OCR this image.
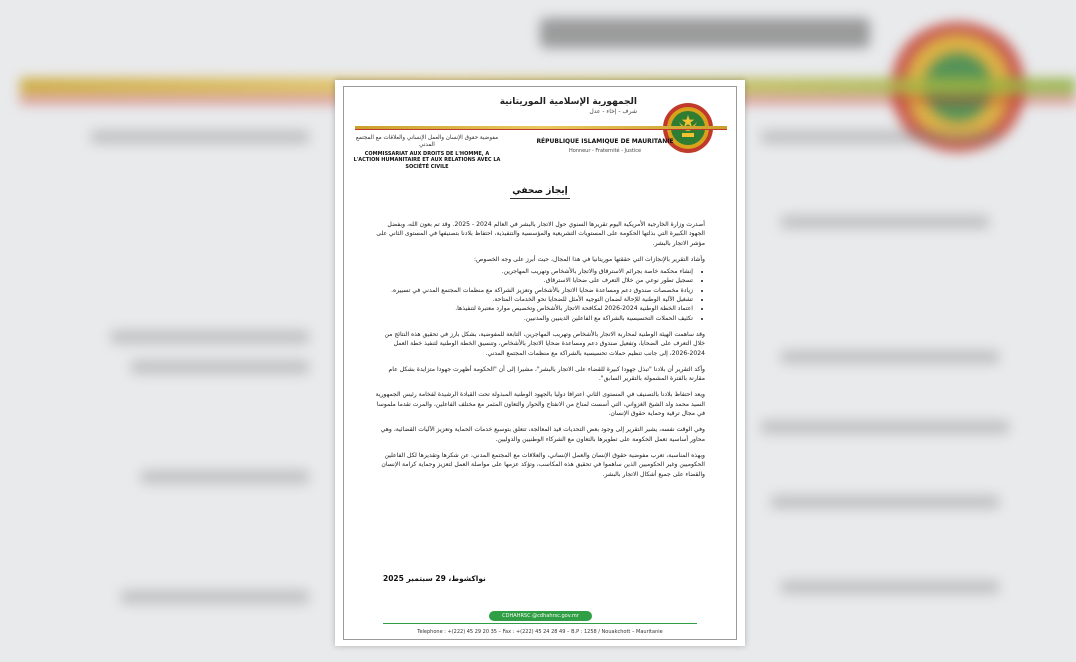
الجمهورية الإسلامية الموريتانية
شرف - إخاء - عدل
مفوضية حقوق الإنسان والعمل الإنساني والعلاقات مع المجتمع المدني
COMMISSARIAT AUX DROITS DE L'HOMME, A L'ACTION HUMANITAIRE ET AUX RELATIONS AVEC LA SOCIÉTÉ CIVILE
RÉPUBLIQUE ISLAMIQUE DE MAURITANIE
Honneur - Fraternité - Justice
إيجاز صحفي

أصدرت وزارة الخارجية الأمريكية اليوم تقريرها السنوي حول الاتجار بالبشر في العالم 2024 - 2025. وقد تم بعون الله، وبفضل الجهود الكبيرة التي بذلتها الحكومة على المستويات التشريعية والمؤسسية والتنفيذية، احتفاظ بلادنا بتصنيفها في المستوى الثاني على مؤشر الاتجار بالبشر.

وأشاد التقرير بالإنجازات التي حققتها موريتانيا في هذا المجال، حيث أبرز على وجه الخصوص:

• إنشاء محكمة خاصة بجرائم الاسترقاق والاتجار بالأشخاص وتهريب المهاجرين.
• تسجيل تطور نوعي من خلال التعرف على ضحايا الاسترقاق.
• زيادة مخصصات صندوق دعم ومساعدة ضحايا الاتجار بالأشخاص وتعزيز الشراكة مع منظمات المجتمع المدني في تسييره.
• تشغيل الآلية الوطنية للإحالة لضمان التوجيه الأمثل للضحايا نحو الخدمات المتاحة.
• اعتماد الخطة الوطنية 2024-2026 لمكافحة الاتجار بالأشخاص وتخصيص موارد معتبرة لتنفيذها.
• تكثيف الحملات التحسيسية بالشراكة مع الفاعلين الدينيين والمدنيين.

وقد ساهمت الهيئة الوطنية لمحاربة الاتجار بالأشخاص وتهريب المهاجرين، التابعة للمفوضية، بشكل بارز في تحقيق هذه النتائج من خلال التعرف على الضحايا، وتفعيل صندوق دعم ومساعدة ضحايا الاتجار بالأشخاص، وتنسيق الخطة الوطنية لتنفيذ خطة العمل 2024-2026، إلى جانب تنظيم حملات تحسيسية بالشراكة مع منظمات المجتمع المدني.

وأكد التقرير أن بلادنا "تبذل جهودا كبيرة للقضاء على الاتجار بالبشر"، مشيرا إلى أن "الحكومة أظهرت جهودا متزايدة بشكل عام مقارنة بالفترة المشمولة بالتقرير السابق".

ويعد احتفاظ بلادنا بالتصنيف في المستوى الثاني اعترافا دوليا بالجهود الوطنية المبذولة تحت القيادة الرشيدة لفخامة رئيس الجمهورية السيد محمد ولد الشيخ الغزواني، التي أسست لمناخ من الانفتاح والحوار والتعاون المثمر مع مختلف الفاعلين، والمرت تقدما ملموسا في مجال ترقية وحماية حقوق الإنسان.

وفي الوقت نفسه، يشير التقرير إلى وجود بعض التحديات قيد المعالجة، تتعلق بتوسيع خدمات الحماية وتعزيز الآليات القضائية، وهي محاور أساسية تعمل الحكومة على تطويرها بالتعاون مع الشركاء الوطنيين والدوليين.

وبهذه المناسبة، تعرب مفوضية حقوق الإنسان والعمل الإنساني، والعلاقات مع المجتمع المدني، عن شكرها وتقديرها لكل الفاعلين الحكوميين وغير الحكوميين الذين ساهموا في تحقيق هذه المكاسب، وتؤكد عزمها على مواصلة العمل لتعزيز وحماية كرامة الإنسان والقضاء على جميع أشكال الاتجار بالبشر.

نواكشوط، 29 سبتمبر 2025
CDHAHRSC @cdhahrsc.gov.mr
Telephone : +(222) 45 29 20 35 – Fax : +(222) 45 24 28 49 – B.P : 1258 / Nouakchott – Mauritanie
